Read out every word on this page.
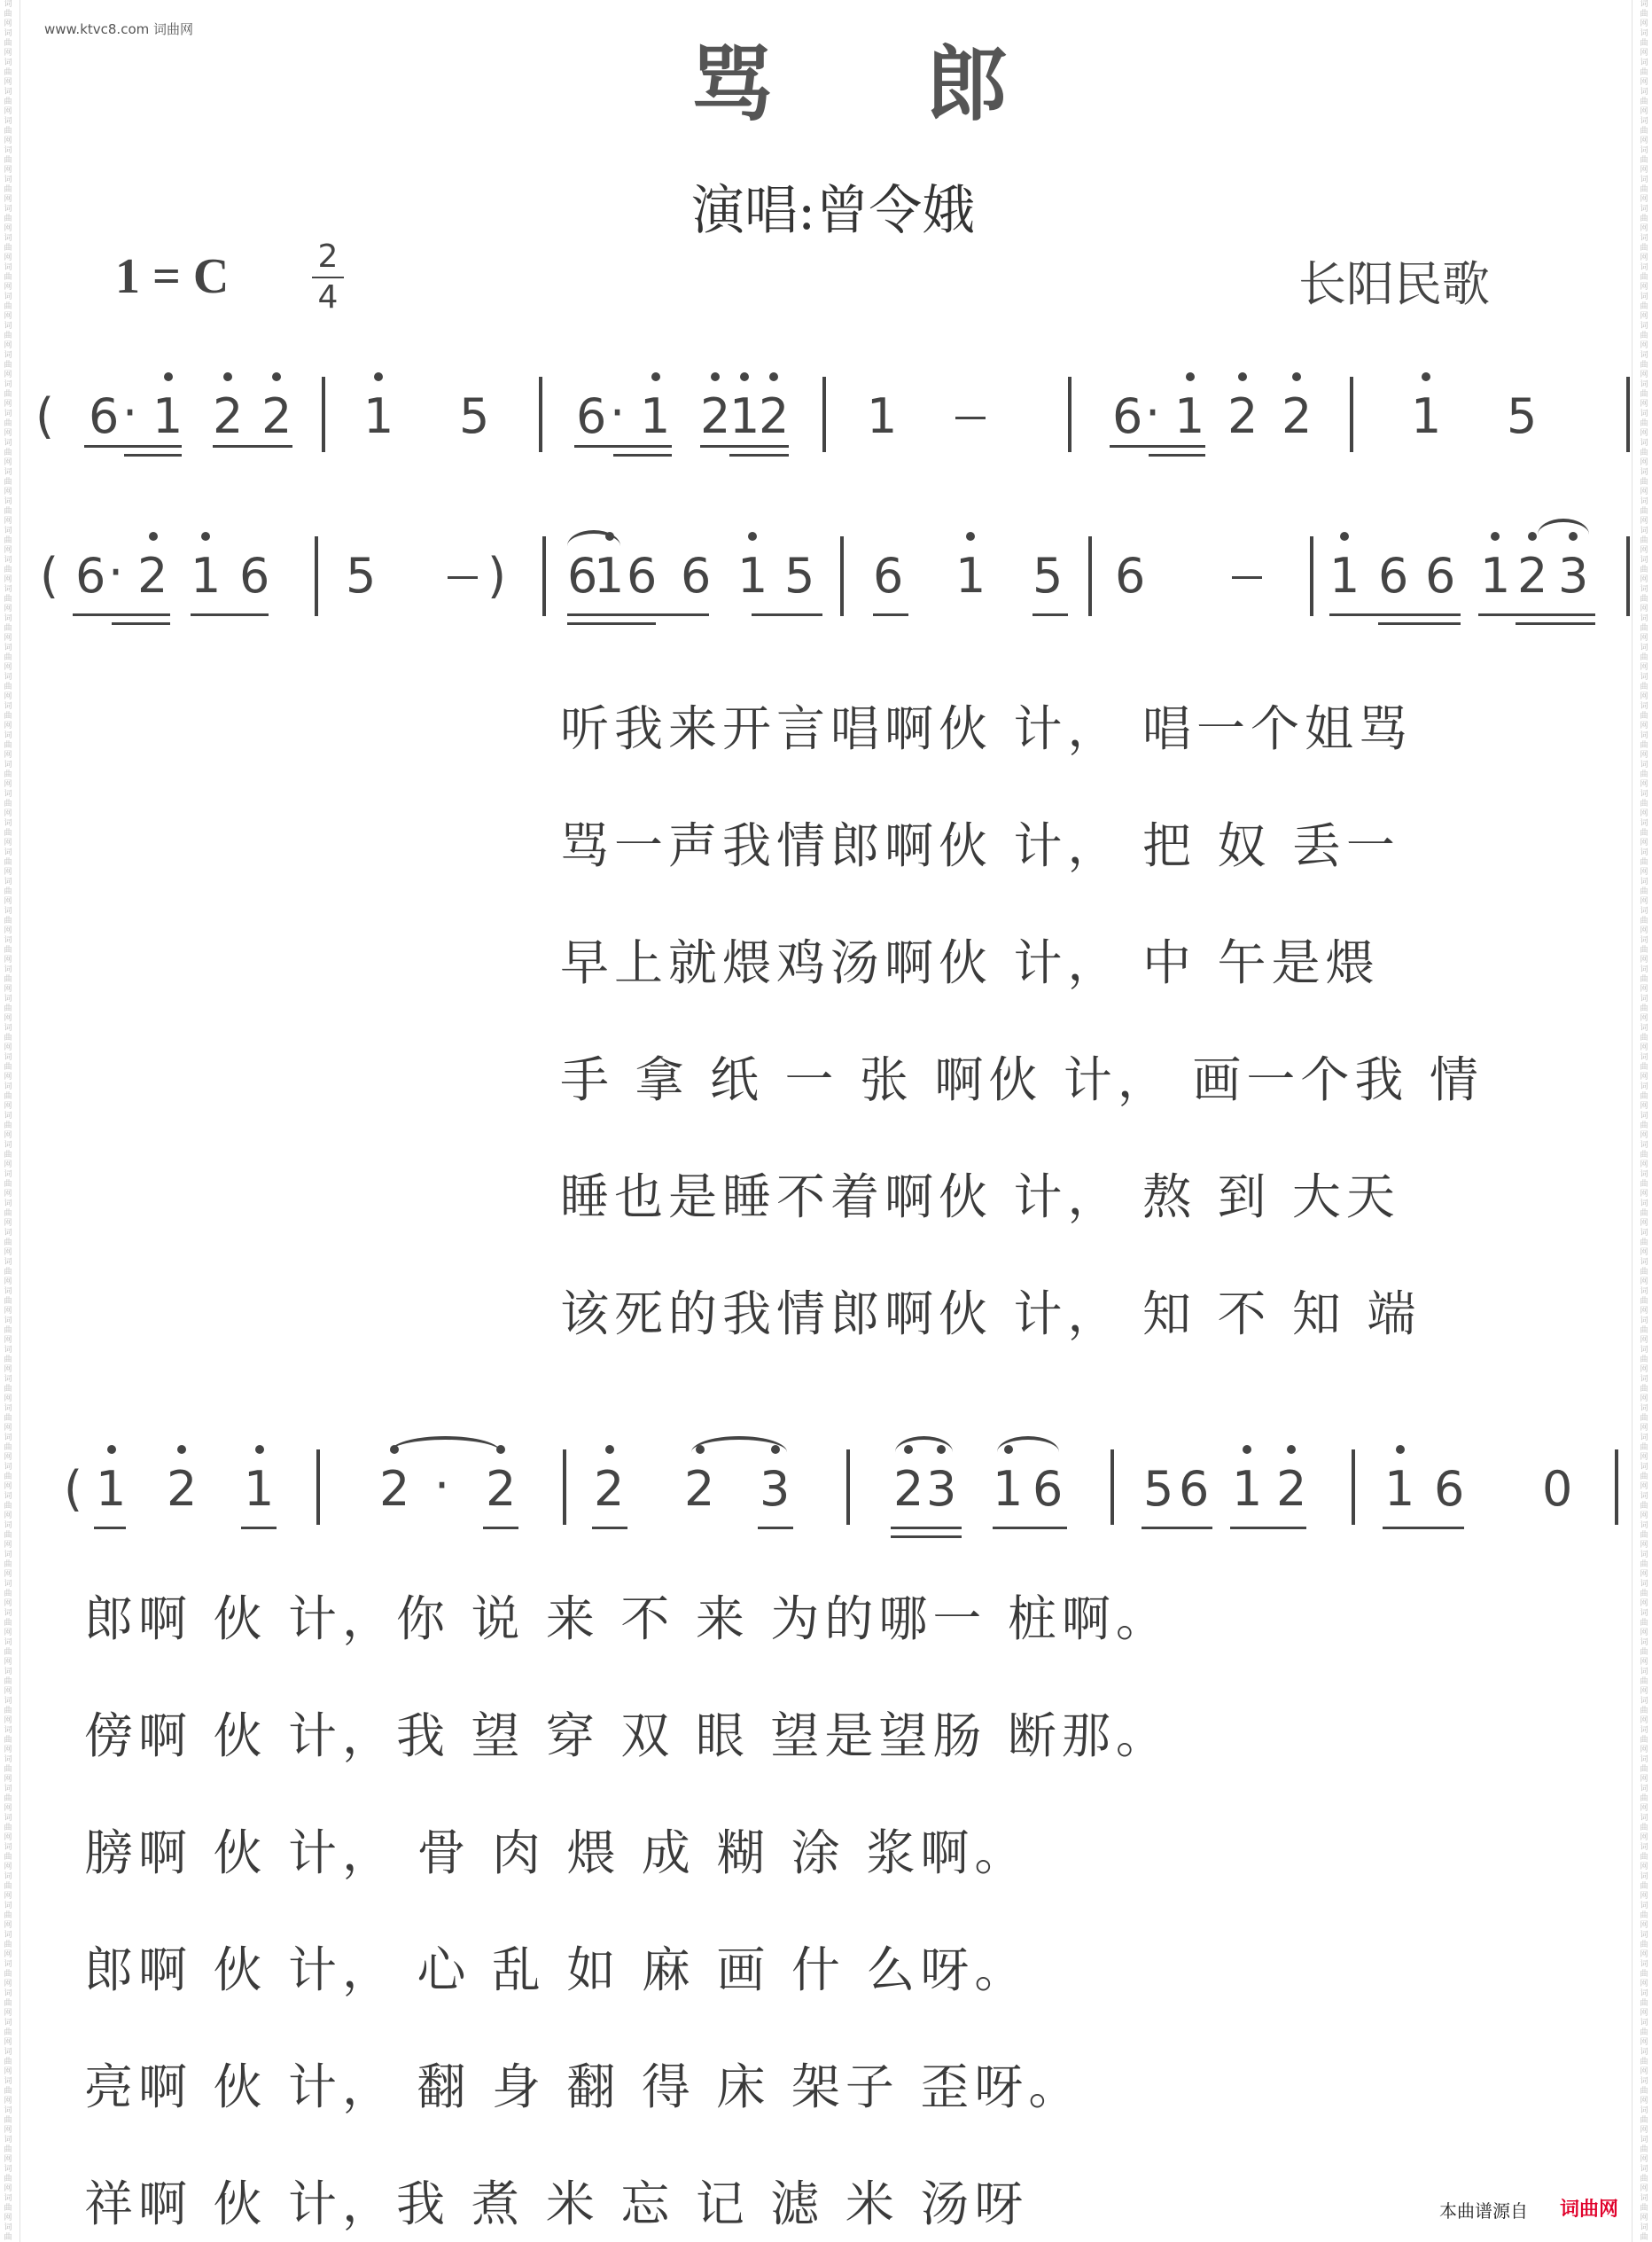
www.ktvc8.com 词曲网
词
曲
网
词
曲
网
词
曲
网
词
曲
网
词
曲
网
词
曲
网
词
曲
网
词
曲
网
词
曲
网
词
曲
网
词
曲
网
词
曲
网
词
曲
网
词
曲
网
词
曲
网
词
曲
网
词
曲
网
词
曲
网
词
曲
网
词
曲
网
词
曲
网
词
曲
网
词
曲
网
词
曲
网
词
曲
网
词
曲
网
词
曲
网
词
曲
网
词
曲
网
词
曲
网
词
曲
网
词
曲
网
词
曲
网
词
曲
网
词
曲
网
词
曲
网
词
曲
网
词
曲
网
词
曲
网
词
曲
网
词
曲
网
词
曲
网
词
曲
网
词
曲
网
词
曲
网
词
曲
网
词
曲
网
词
曲
网
词
曲
网
词
曲
网
词
曲
网
词
曲
网
词
曲
网
词
曲
网
词
曲
网
词
曲
网
词
曲
网
词
曲
网
词
曲
网
词
曲
网
词
曲
网
词
曲
网
词
曲
网
词
曲
网
词
曲
网
词
曲
网
词
曲
网
词
曲
网
词
曲
网
词
曲
网
词
曲
网
词
曲
网
词
曲
网
词
曲
网
词
曲
网
词
曲
网
词
曲
词
曲
网
词
曲
网
词
曲
网
词
曲
网
词
曲
网
词
曲
网
词
曲
网
词
曲
网
词
曲
网
词
曲
网
词
曲
网
词
曲
网
词
曲
网
词
曲
网
词
曲
网
词
曲
网
词
曲
网
词
曲
网
词
曲
网
词
曲
网
词
曲
网
词
曲
网
词
曲
网
词
曲
网
词
曲
网
词
曲
网
词
曲
网
词
曲
网
词
曲
网
词
曲
网
词
曲
网
词
曲
网
词
曲
网
词
曲
网
词
曲
网
词
曲
网
词
曲
网
词
曲
网
词
曲
网
词
曲
网
词
曲
网
词
曲
网
词
曲
网
词
曲
网
词
曲
网
词
曲
网
词
曲
网
词
曲
网
词
曲
网
词
曲
网
词
曲
网
词
曲
网
词
曲
网
词
曲
网
词
曲
网
词
曲
网
词
曲
网
词
曲
网
词
曲
网
词
曲
网
词
曲
网
词
曲
网
词
曲
网
词
曲
网
词
曲
网
词
曲
网
词
曲
网
词
曲
网
词
曲
网
词
曲
网
词
曲
网
词
曲
网
词
曲
网
词
曲
网
词
曲
网
词
曲
网
词
曲
骂 郎
演唱:曾令娥
1 = C	2
4	长阳民歌
( 6 · 1 2 2 1 5 6 · 1 2
1
2 1	6 · 1 2 2 1 5
( 6 · 2 1 6 5 ) 6
1 6 6 1 5 6 1 5 6	1 6 6 1 2 3
听我来开言唱啊伙 计， 唱一个姐骂
骂一声我情郎啊伙 计， 把 奴 丢一
早上就煨鸡汤啊伙 计， 中 午是煨
手 拿 纸 一 张 啊伙 计， 画一个我 情
睡也是睡不着啊伙 计， 熬 到 大天
该死的我情郎啊伙 计， 知 不 知 端
( 1 2 1 2 · 2 2 2 3 2 3 1 6 5 6 1 2 1 6 0
郎啊 伙 计，你 说 来 不 来 为的哪一 桩啊。
傍啊 伙 计，我 望 穿 双 眼 望是望肠 断那。
膀啊 伙 计， 骨 肉 煨 成 糊 涂 浆啊。
郎啊 伙 计， 心 乱 如 麻 画 什 么呀。
亮啊 伙 计， 翻 身 翻 得 床 架子 歪呀。
祥啊 伙 计，我 煮 米 忘 记 滤 米 汤呀	本曲谱源自 词曲网
